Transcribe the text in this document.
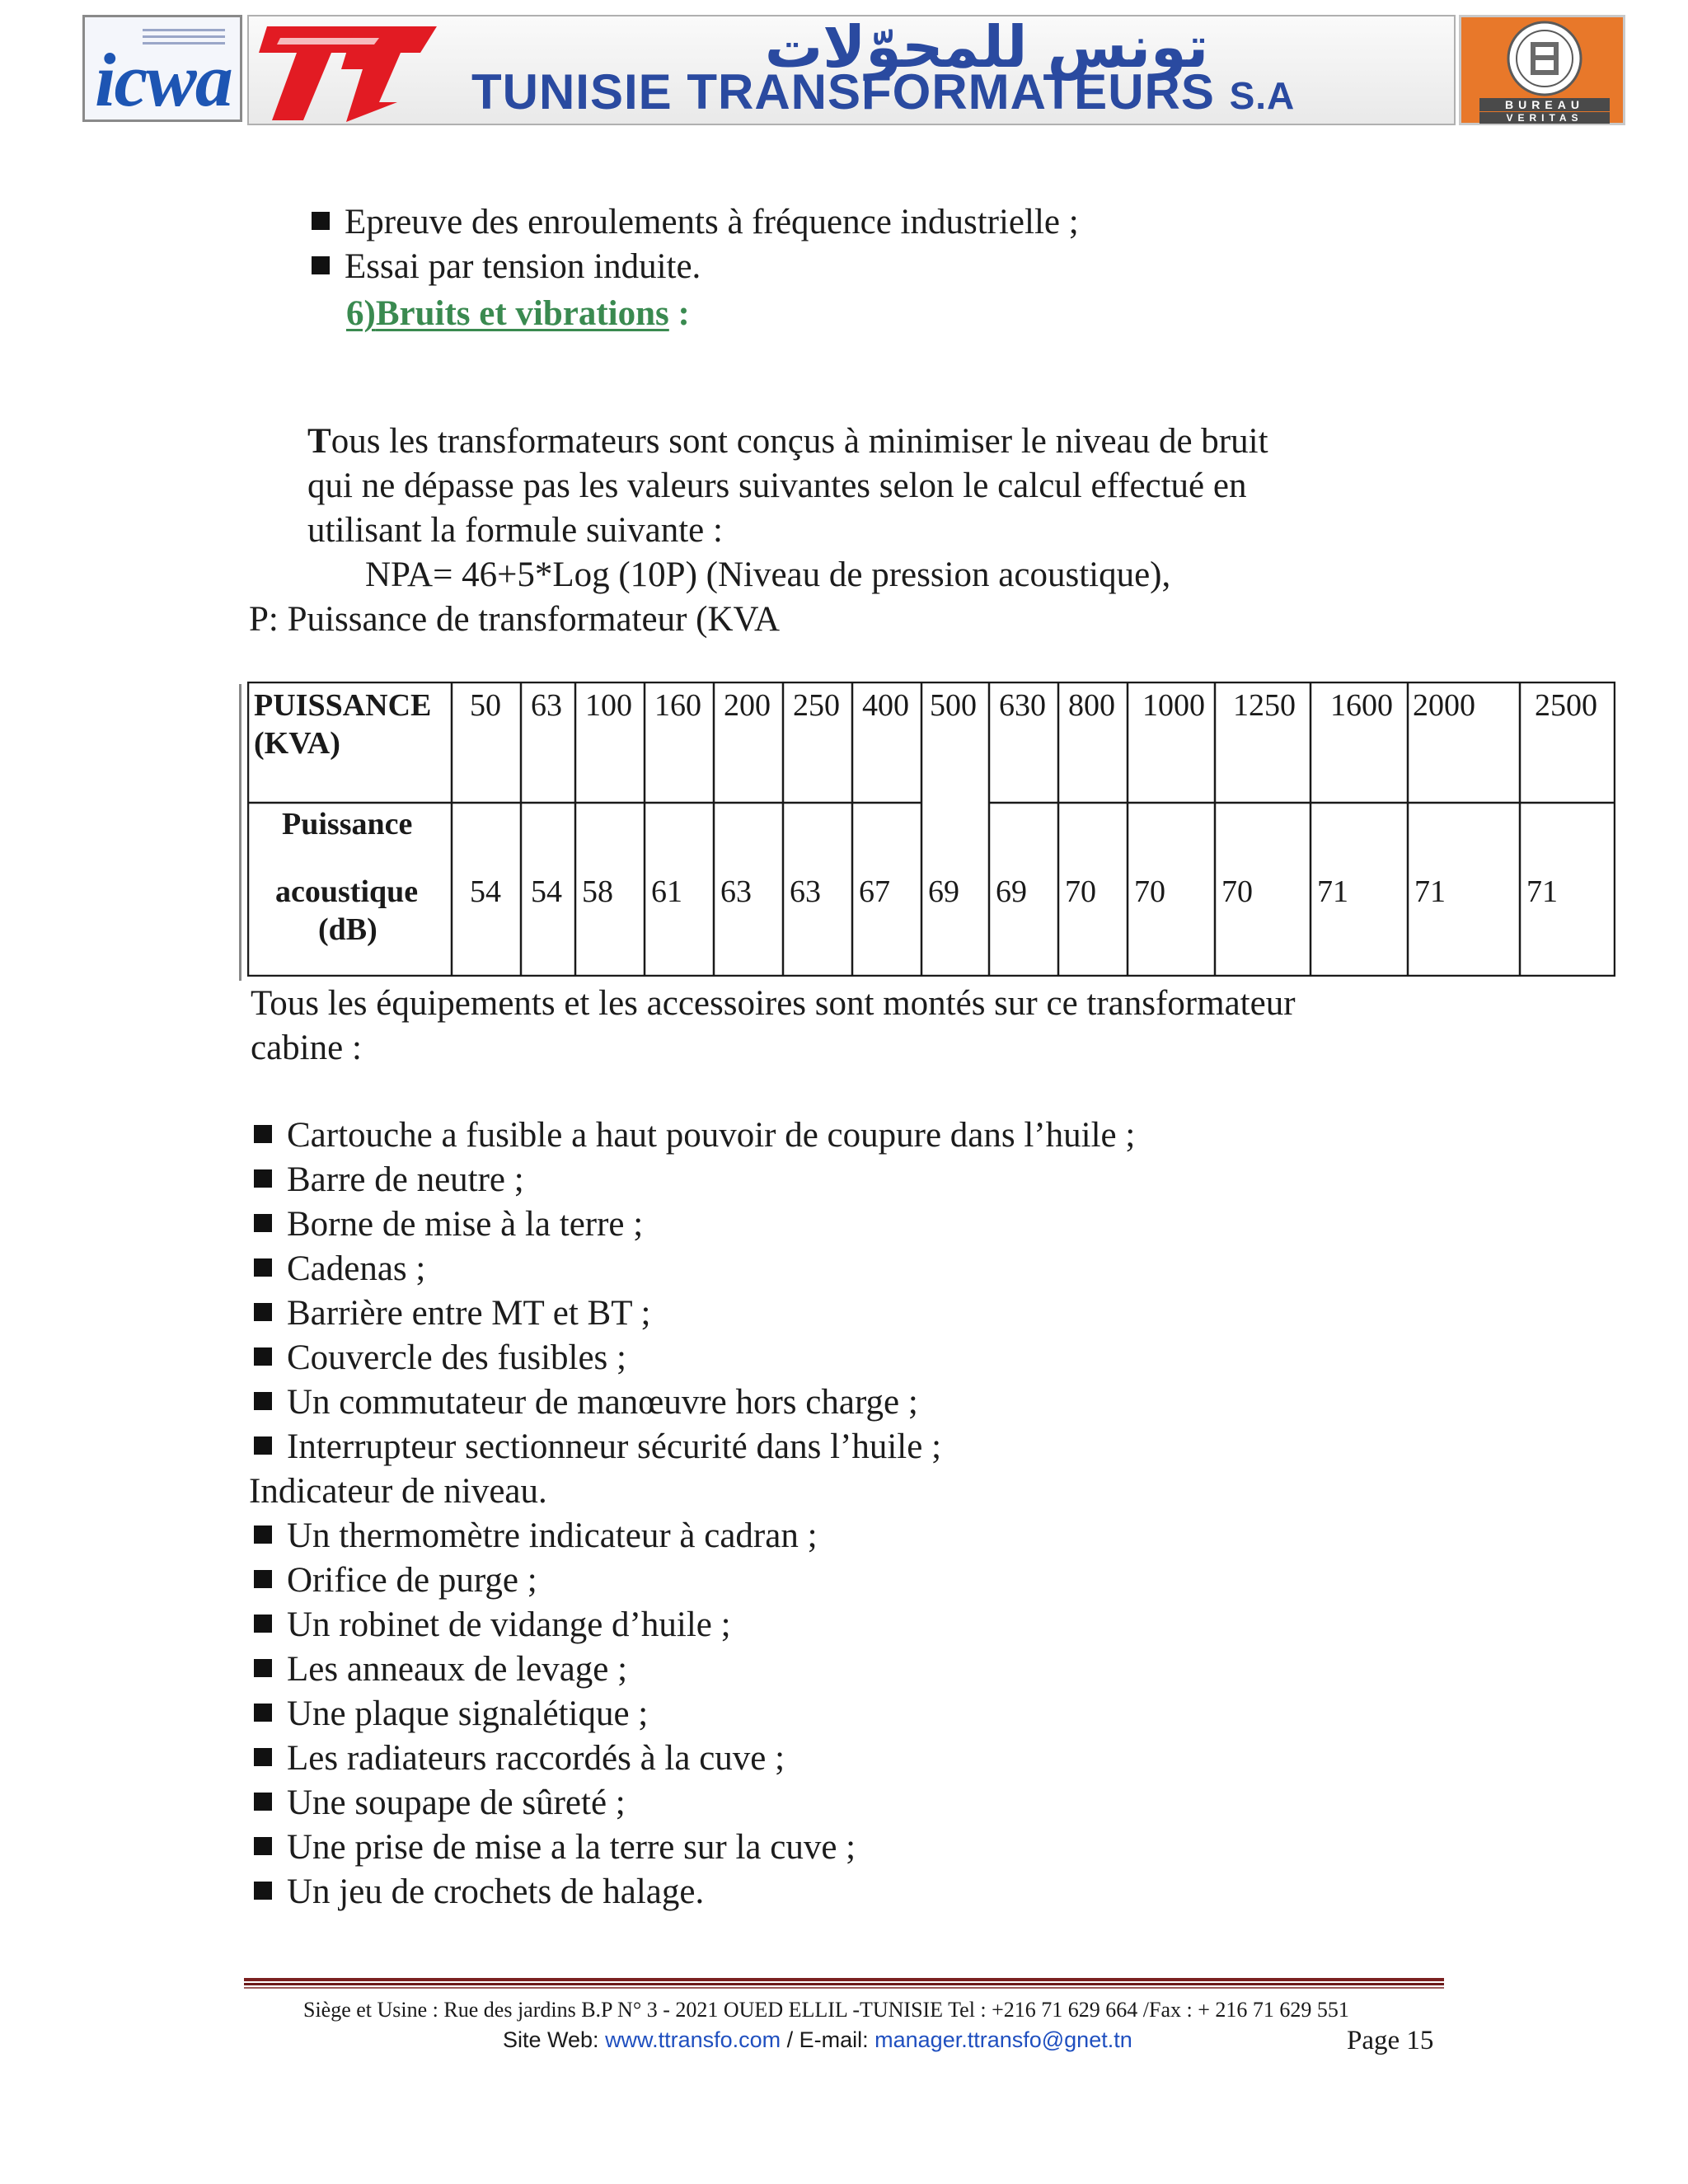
icwa	تونس للمحوّلات
TUNISIE TRANSFORMATEURS S.A	BUREAU
VERITAS
Epreuve des enroulements à fréquence industrielle ;
Essai par tension induite.
6)Bruits et vibrations :
Tous les transformateurs sont conçus à minimiser le niveau de bruit
qui ne dépasse pas les valeurs suivantes selon le calcul effectué en
utilisant la formule suivante :
NPA= 46+5*Log (10P) (Niveau de pression acoustique),
P: Puissance de transformateur (KVA
PUISSANCE
(KVA)
50 63 100 160 200 250 400 500 630 800 1000 1250 1600 2000 2500
Puissance
acoustique
(dB)
54 54 58 61 63 63 67 69 69 70 70 70 71 71	71
Tous les équipements et les accessoires sont montés sur ce transformateur
cabine :
Cartouche a fusible a haut pouvoir de coupure dans l’huile ;
Barre de neutre ;
Borne de mise à la terre ;
Cadenas ;
Barrière entre MT et BT ;
Couvercle des fusibles ;
Un commutateur de manœuvre hors charge ;
Interrupteur sectionneur sécurité dans l’huile ;
Indicateur de niveau.
Un thermomètre indicateur à cadran ;
Orifice de purge ;
Un robinet de vidange d’huile ;
Les anneaux de levage ;
Une plaque signalétique ;
Les radiateurs raccordés à la cuve ;
Une soupape de sûreté ;
Une prise de mise a la terre sur la cuve ;
Un jeu de crochets de halage.
Siège et Usine : Rue des jardins B.P N° 3 - 2021 OUED ELLIL -TUNISIE Tel : +216 71 629 664 /Fax : + 216 71 629 551
Site Web: www.ttransfo.com / E-mail: manager.ttransfo@gnet.tn	Page 15
